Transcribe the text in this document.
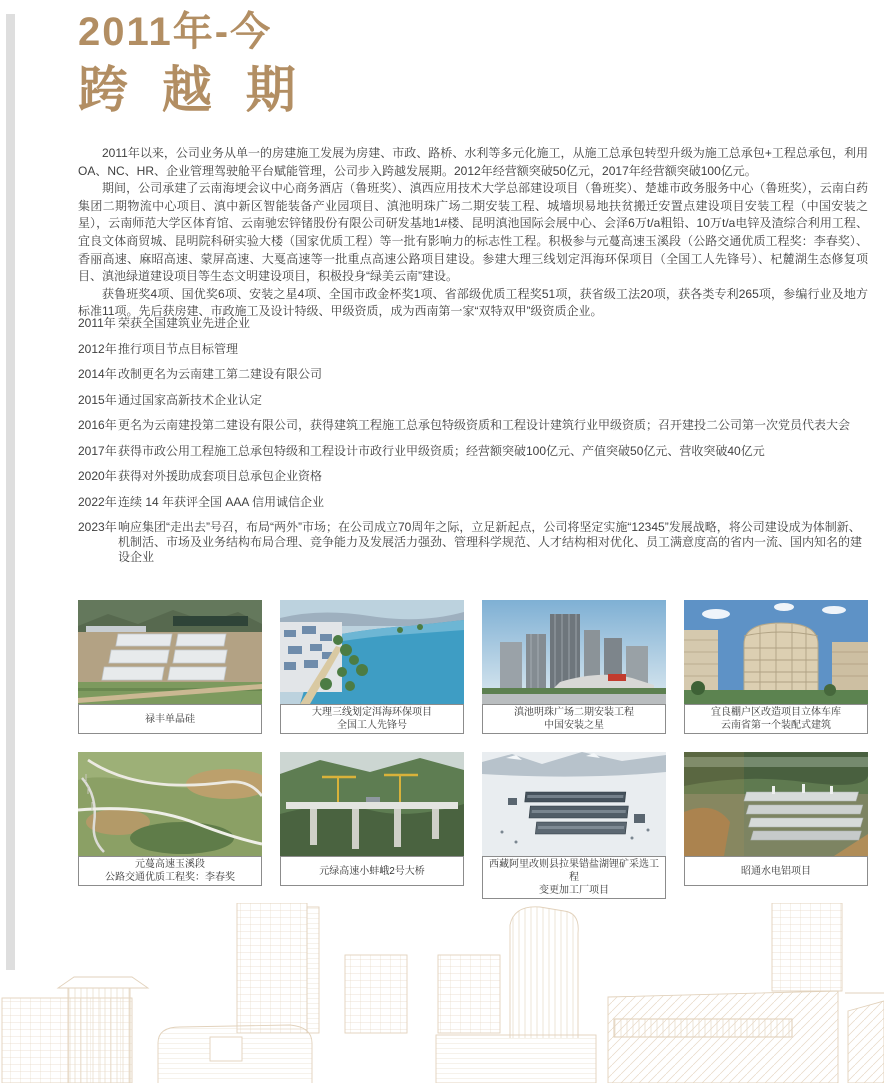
2011年-今
跨 越 期

2011年以来，公司业务从单一的房建施工发展为房建、市政、路桥、水利等多元化施工，从施工总承包转型升级为施工总承包+工程总承包，利用OA、NC、HR、企业管理驾驶舱平台赋能管理，公司步入跨越发展期。2012年经营额突破50亿元，2017年经营额突破100亿元。

期间，公司承建了云南海埂会议中心商务酒店（鲁班奖）、滇西应用技术大学总部建设项目（鲁班奖）、楚雄市政务服务中心（鲁班奖），云南白药集团二期物流中心项目、滇中新区智能装备产业园项目、滇池明珠广场二期安装工程、城墙坝易地扶贫搬迁安置点建设项目安装工程（中国安装之星），云南师范大学区体育馆、云南驰宏锌锗股份有限公司研发基地1#楼、昆明滇池国际会展中心、会泽6万t/a粗铅、10万t/a电锌及渣综合利用工程、宜良文体商贸城、昆明院科研实验大楼（国家优质工程）等一批有影响力的标志性工程。积极参与元蔓高速玉溪段（公路交通优质工程奖：李春奖）、香丽高速、麻昭高速、蒙屏高速、大戛高速等一批重点高速公路项目建设。参建大理三线划定洱海环保项目（全国工人先锋号）、杞麓湖生态修复项目、滇池绿道建设项目等生态文明建设项目，积极投身“绿美云南”建设。

获鲁班奖4项、国优奖6项、安装之星4项、全国市政金杯奖1项、省部级优质工程奖51项，获省级工法20项，获各类专利265项，参编行业及地方标准11项。先后获房建、市政施工及设计特级、甲级资质，成为西南第一家“双特双甲”级资质企业。

2011年 荣获全国建筑业先进企业
2012年 推行项目节点目标管理
2014年 改制更名为云南建工第二建设有限公司
2015年 通过国家高新技术企业认定
2016年 更名为云南建投第二建设有限公司，获得建筑工程施工总承包特级资质和工程设计建筑行业甲级资质；召开建投二公司第一次党员代表大会
2017年 获得市政公用工程施工总承包特级和工程设计市政行业甲级资质；经营额突破100亿元、产值突破50亿元、营收突破40亿元
2020年 获得对外援助成套项目总承包企业资格
2022年 连续 14 年获评全国 AAA 信用诚信企业
2023年 响应集团“走出去”号召，布局“两外”市场；在公司成立70周年之际，立足新起点，公司将坚定实施“12345”发展战略，将公司建设成为体制新、机制活、市场及业务结构布局合理、竞争能力及发展活力强劲、管理科学规范、人才结构相对优化、员工满意度高的省内一流、国内知名的建设企业
禄丰单晶硅
大理三线划定洱海环保项目
全国工人先锋号
滇池明珠广场二期安装工程
中国安装之星
宜良棚户区改造项目立体车库
云南省第一个装配式建筑
元蔓高速玉溪段
公路交通优质工程奖：李春奖
元绿高速小蚌峨2号大桥
西藏阿里改则县拉果错盐湖锂矿采选工程
变更加工厂项目
昭通水电铝项目
